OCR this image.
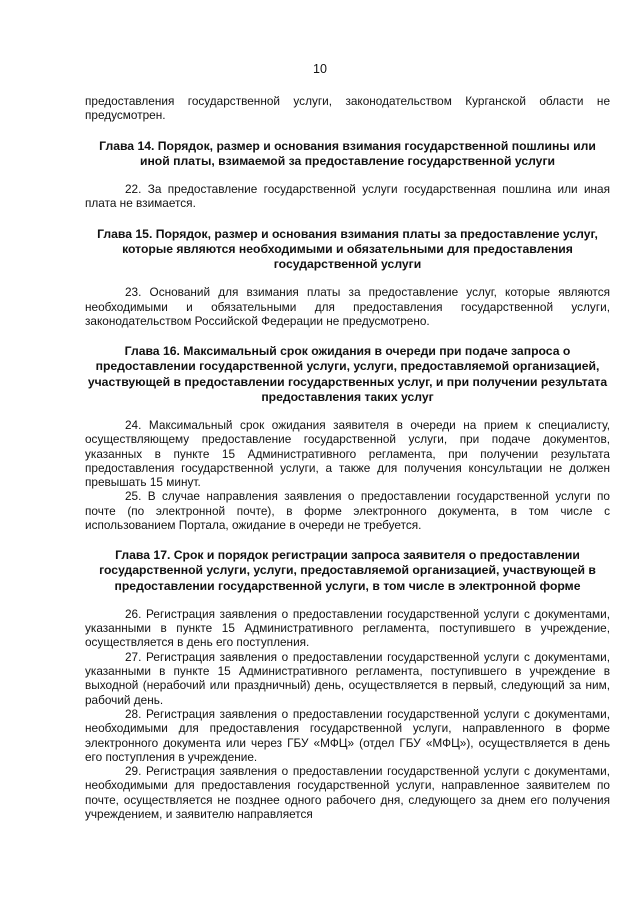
10

предоставления государственной услуги, законодательством Курганской области не предусмотрен.

Глава 14. Порядок, размер и основания взимания государственной пошлины или иной платы, взимаемой за предоставление государственной услуги

22. За предоставление государственной услуги государственная пошлина или иная плата не взимается.

Глава 15. Порядок, размер и основания взимания платы за предоставление услуг, которые являются необходимыми и обязательными для предоставления государственной услуги

23. Оснований для взимания платы за предоставление услуг, которые являются необходимыми и обязательными для предоставления государственной услуги, законодательством Российской Федерации не предусмотрено.

Глава 16. Максимальный срок ожидания в очереди при подаче запроса о предоставлении государственной услуги, услуги, предоставляемой организацией, участвующей в предоставлении государственных услуг, и при получении результата предоставления таких услуг

24. Максимальный срок ожидания заявителя в очереди на прием к специалисту, осуществляющему предоставление государственной услуги, при подаче документов, указанных в пункте 15 Административного регламента, при получении результата предоставления государственной услуги, а также для получения консультации не должен превышать 15 минут.

25. В случае направления заявления о предоставлении государственной услуги по почте (по электронной почте), в форме электронного документа, в том числе с использованием Портала, ожидание в очереди не требуется.

Глава 17. Срок и порядок регистрации запроса заявителя о предоставлении государственной услуги, услуги, предоставляемой организацией, участвующей в предоставлении государственной услуги, в том числе в электронной форме

26. Регистрация заявления о предоставлении государственной услуги с документами, указанными в пункте 15 Административного регламента, поступившего в учреждение, осуществляется в день его поступления.

27. Регистрация заявления о предоставлении государственной услуги с документами, указанными в пункте 15 Административного регламента, поступившего в учреждение в выходной (нерабочий или праздничный) день, осуществляется в первый, следующий за ним, рабочий день.

28. Регистрация заявления о предоставлении государственной услуги с документами, необходимыми для предоставления государственной услуги, направленного в форме электронного документа или через ГБУ «МФЦ» (отдел ГБУ «МФЦ»), осуществляется в день его поступления в учреждение.

29. Регистрация заявления о предоставлении государственной услуги с документами, необходимыми для предоставления государственной услуги, направленное заявителем по почте, осуществляется не позднее одного рабочего дня, следующего за днем его получения учреждением, и заявителю направляется
